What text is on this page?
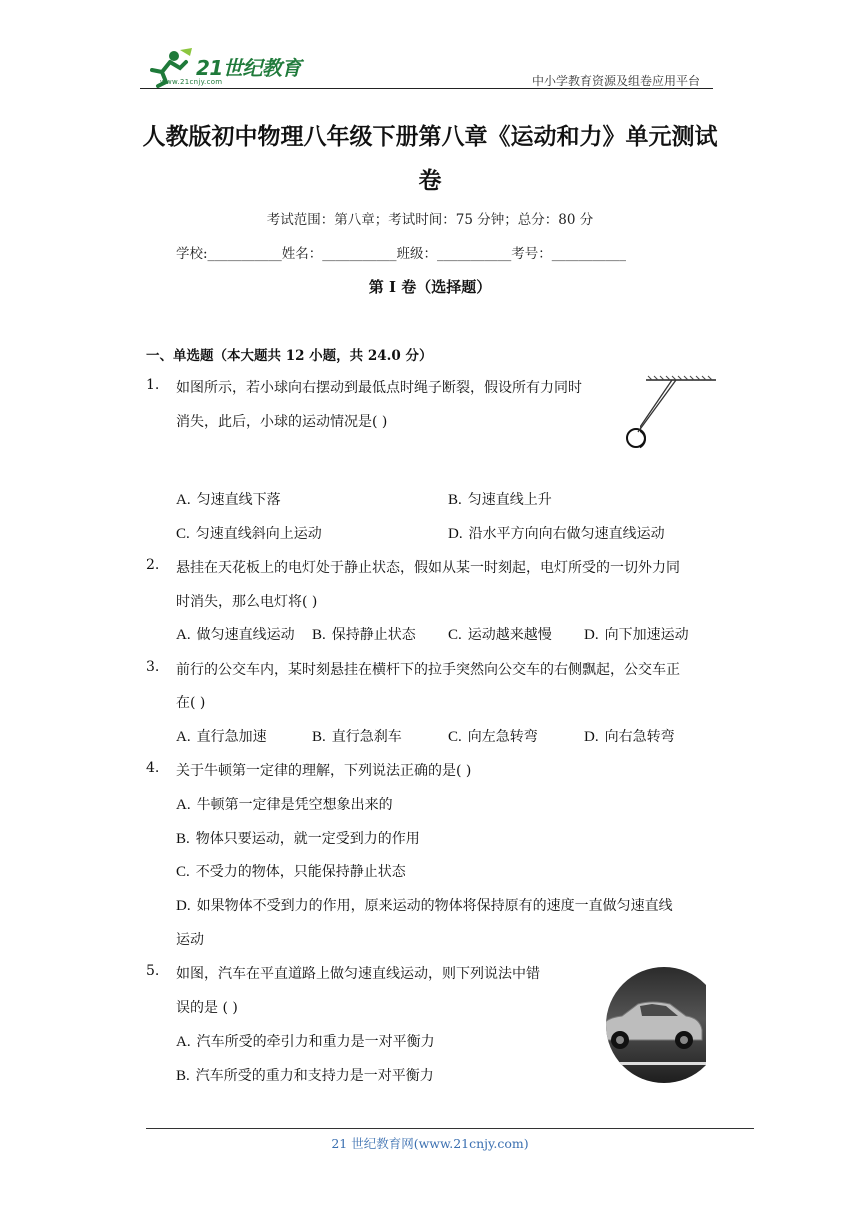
21世纪教育
www.21cnjy.com	中小学教育资源及组卷应用平台
人教版初中物理八年级下册第八章《运动和力》单元测试
卷
考试范围：第八章；考试时间：75 分钟；总分：80 分
学校:___________姓名：___________班级：___________考号：___________
第 I 卷（选择题）
一、单选题（本大题共 12 小题，共 24.0 分）
1. 如图所示，若小球向右摆动到最低点时绳子断裂，假设所有力同时
消失，此后，小球的运动情况是( )
A. 匀速直线下落	B. 匀速直线上升
C. 匀速直线斜向上运动	D. 沿水平方向向右做匀速直线运动
2. 悬挂在天花板上的电灯处于静止状态，假如从某一时刻起，电灯所受的一切外力同
时消失，那么电灯将( )
A. 做匀速直线运动 B. 保持静止状态 C. 运动越来越慢 D. 向下加速运动
3. 前行的公交车内，某时刻悬挂在横杆下的拉手突然向公交车的右侧飘起，公交车正
在( )
A. 直行急加速	B. 直行急刹车	C. 向左急转弯	D. 向右急转弯
4. 关于牛顿第一定律的理解，下列说法正确的是( )
A. 牛顿第一定律是凭空想象出来的
B. 物体只要运动，就一定受到力的作用
C. 不受力的物体，只能保持静止状态
D. 如果物体不受到力的作用，原来运动的物体将保持原有的速度一直做匀速直线
运动
5. 如图，汽车在平直道路上做匀速直线运动，则下列说法中错
误的是 ( )
A. 汽车所受的牵引力和重力是一对平衡力
B. 汽车所受的重力和支持力是一对平衡力
21 世纪教育网(www.21cnjy.com)
